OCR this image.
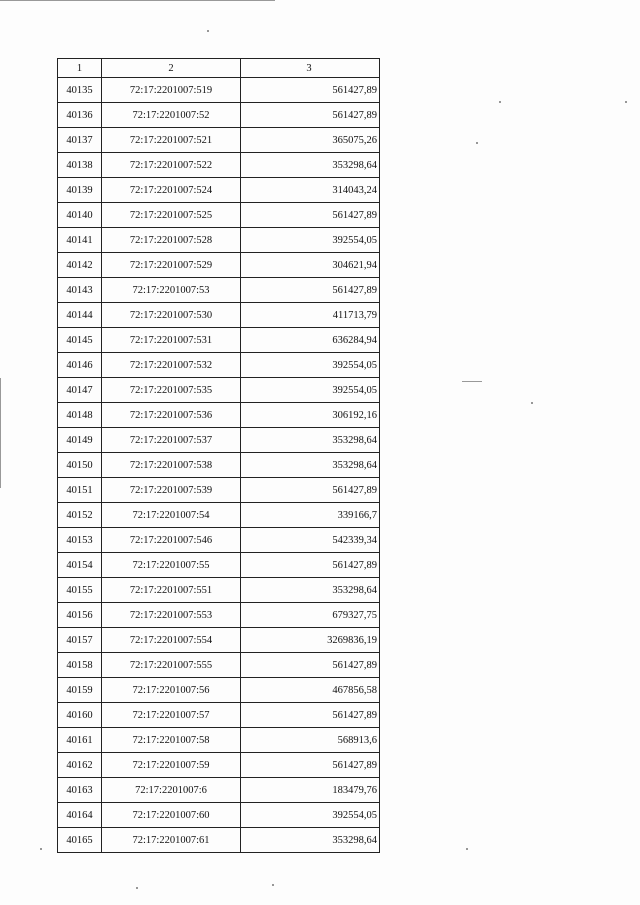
1	2	3
40135	72:17:2201007:519	561427,89
40136	72:17:2201007:52	561427,89
40137	72:17:2201007:521	365075,26
40138	72:17:2201007:522	353298,64
40139	72:17:2201007:524	314043,24
40140	72:17:2201007:525	561427,89
40141	72:17:2201007:528	392554,05
40142	72:17:2201007:529	304621,94
40143	72:17:2201007:53	561427,89
40144	72:17:2201007:530	411713,79
40145	72:17:2201007:531	636284,94
40146	72:17:2201007:532	392554,05
40147	72:17:2201007:535	392554,05
40148	72:17:2201007:536	306192,16
40149	72:17:2201007:537	353298,64
40150	72:17:2201007:538	353298,64
40151	72:17:2201007:539	561427,89
40152	72:17:2201007:54	339166,7
40153	72:17:2201007:546	542339,34
40154	72:17:2201007:55	561427,89
40155	72:17:2201007:551	353298,64
40156	72:17:2201007:553	679327,75
40157	72:17:2201007:554	3269836,19
40158	72:17:2201007:555	561427,89
40159	72:17:2201007:56	467856,58
40160	72:17:2201007:57	561427,89
40161	72:17:2201007:58	568913,6
40162	72:17:2201007:59	561427,89
40163	72:17:2201007:6	183479,76
40164	72:17:2201007:60	392554,05
40165	72:17:2201007:61	353298,64
